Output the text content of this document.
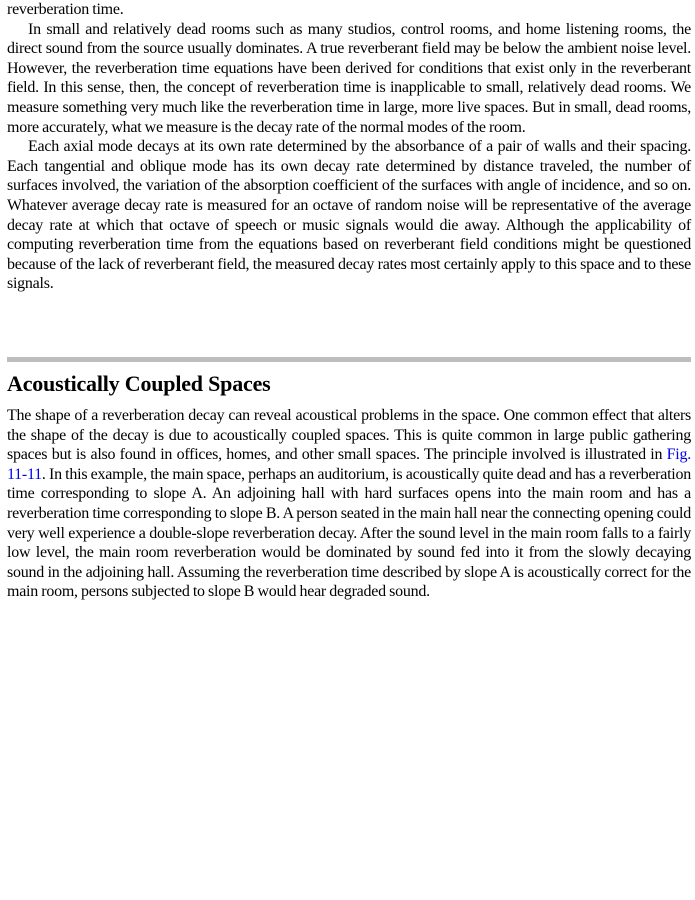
reverberation time.

In small and relatively dead rooms such as many studios, control rooms, and home listening rooms, the direct sound from the source usually dominates. A true reverberant field may be below the ambient noise level. However, the reverberation time equations have been derived for conditions that exist only in the reverberant field. In this sense, then, the concept of reverberation time is inapplicable to small, relatively dead rooms. We measure something very much like the reverberation time in large, more live spaces. But in small, dead rooms, more accurately, what we measure is the decay rate of the normal modes of the room.

Each axial mode decays at its own rate determined by the absorbance of a pair of walls and their spacing. Each tangential and oblique mode has its own decay rate determined by distance traveled, the number of surfaces involved, the variation of the absorption coefficient of the surfaces with angle of incidence, and so on. Whatever average decay rate is measured for an octave of random noise will be representative of the average decay rate at which that octave of speech or music signals would die away. Although the applicability of computing reverberation time from the equations based on reverberant field conditions might be questioned because of the lack of reverberant field, the measured decay rates most certainly apply to this space and to these signals.

Acoustically Coupled Spaces

The shape of a reverberation decay can reveal acoustical problems in the space. One common effect that alters the shape of the decay is due to acoustically coupled spaces. This is quite common in large public gathering spaces but is also found in offices, homes, and other small spaces. The principle involved is illustrated in Fig. 11-11. In this example, the main space, perhaps an auditorium, is acoustically quite dead and has a reverberation time corresponding to slope A. An adjoining hall with hard surfaces opens into the main room and has a reverberation time corresponding to slope B. A person seated in the main hall near the connecting opening could very well experience a double-slope reverberation decay. After the sound level in the main room falls to a fairly low level, the main room reverberation would be dominated by sound fed into it from the slowly decaying sound in the adjoining hall. Assuming the reverberation time described by slope A is acoustically correct for the main room, persons subjected to slope B would hear degraded sound.
